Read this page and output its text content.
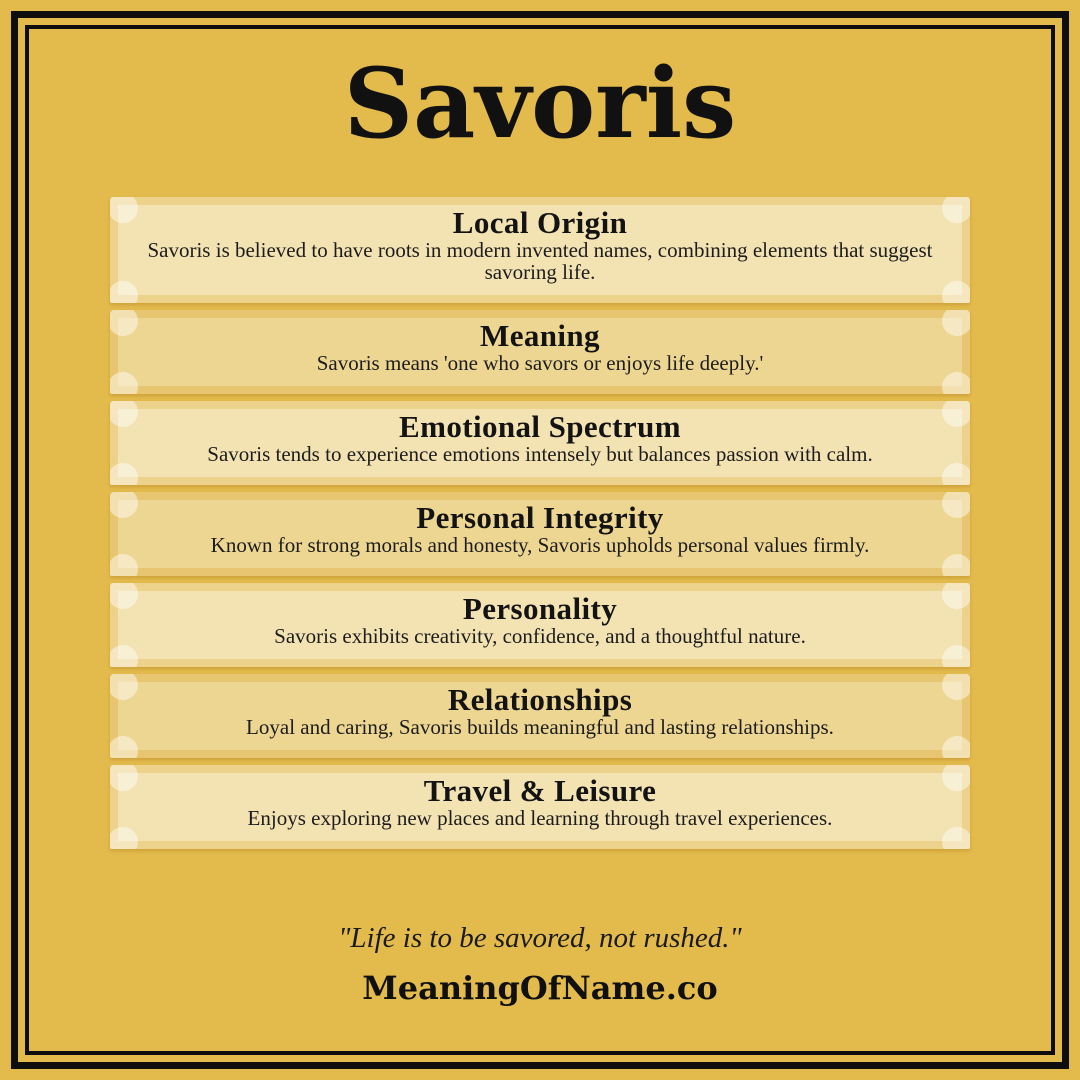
Savoris
Local Origin

Savoris is believed to have roots in modern invented names, combining elements that suggest savoring life.

Meaning

Savoris means 'one who savors or enjoys life deeply.'

Emotional Spectrum

Savoris tends to experience emotions intensely but balances passion with calm.

Personal Integrity

Known for strong morals and honesty, Savoris upholds personal values firmly.

Personality

Savoris exhibits creativity, confidence, and a thoughtful nature.

Relationships

Loyal and caring, Savoris builds meaningful and lasting relationships.

Travel & Leisure

Enjoys exploring new places and learning through travel experiences.

"Life is to be savored, not rushed."

MeaningOfName.co
